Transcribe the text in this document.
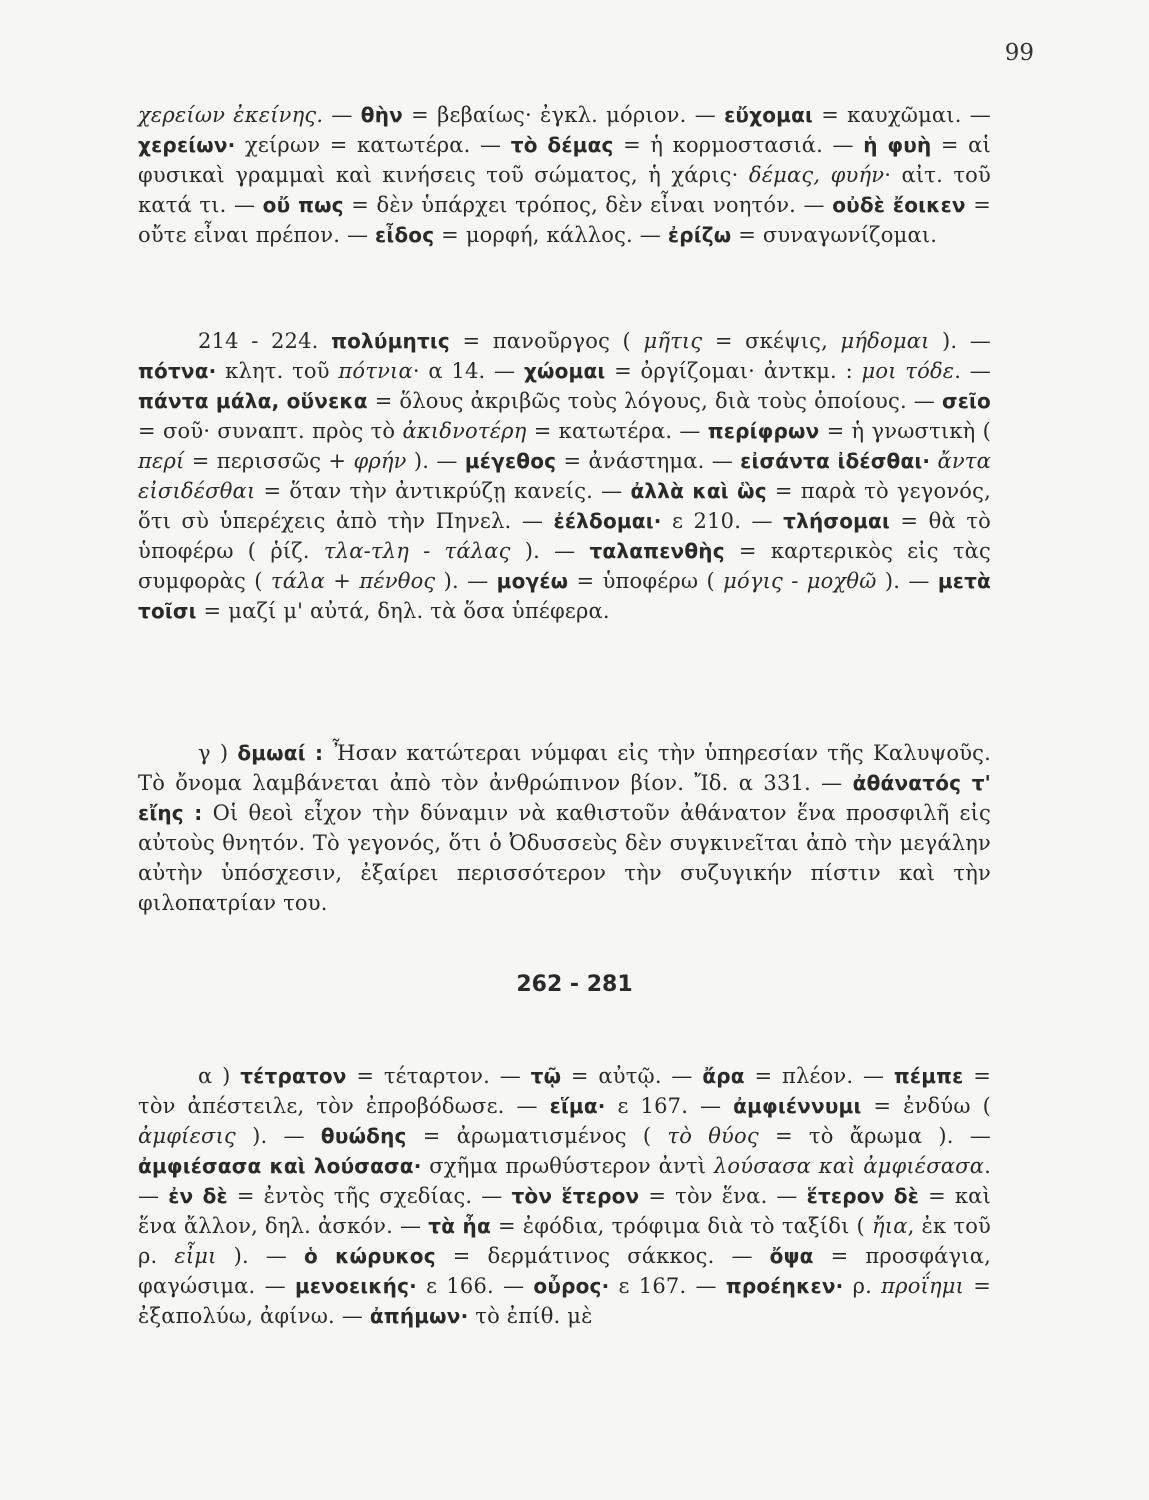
99

χερείων ἐκείνης. — θὴν = βεβαίως· ἐγκλ. μόριον. — εὔχομαι = καυχῶμαι. — χερείων· χείρων = κατωτέρα. — τὸ δέμας = ἡ κορμοστασιά. — ἡ φυὴ = αἱ φυσικαὶ γραμμαὶ καὶ κινήσεις τοῦ σώματος, ἡ χάρις· δέμας, φυήν· αἰτ. τοῦ κατά τι. — οὔ πως = δὲν ὑπάρχει τρόπος, δὲν εἶναι νοητόν. — οὐδὲ ἔοικεν = οὔτε εἶναι πρέπον. — εἶδος = μορφή, κάλλος. — ἐρίζω = συναγωνίζομαι.

214 - 224. πολύμητις = πανοῦργος ( μῆτις = σκέψις, μήδομαι ). — πότνα· κλητ. τοῦ πότνια· α 14. — χώομαι = ὀργίζομαι· ἀντκμ. : μοι τόδε. — πάντα μάλα, οὕνεκα = ὅλους ἀκριβῶς τοὺς λόγους, διὰ τοὺς ὁποίους. — σεῖο = σοῦ· συναπτ. πρὸς τὸ ἀκιδνοτέρη = κατωτέρα. — περίφρων = ἡ γνωστικὴ ( περί = περισσῶς + φρήν ). — μέγεθος = ἀνάστημα. — εἰσάντα ἰδέσθαι· ἄντα εἰσιδέσθαι = ὅταν τὴν ἀντικρύζῃ κανείς. — ἀλλὰ καὶ ὣς = παρὰ τὸ γεγονός, ὅτι σὺ ὑπερέχεις ἀπὸ τὴν Πηνελ. — ἐέλδομαι· ε 210. — τλήσομαι = θὰ τὸ ὑποφέρω ( ῥίζ. τλα-τλη - τάλας ). — ταλαπενθὴς = καρτερικὸς εἰς τὰς συμφορὰς ( τάλα + πένθος ). — μογέω = ὑποφέρω ( μόγις - μοχθῶ ). — μετὰ τοῖσι = μαζί μ' αὐτά, δηλ. τὰ ὅσα ὑπέφερα.

γ ) δμωαί : Ἦσαν κατώτεραι νύμφαι εἰς τὴν ὑπηρεσίαν τῆς Καλυψοῦς. Τὸ ὄνομα λαμβάνεται ἀπὸ τὸν ἀνθρώπινον βίον. Ἴδ. α 331. — ἀθάνατός τ' εἴης : Οἱ θεοὶ εἶχον τὴν δύναμιν νὰ καθιστοῦν ἀθάνατον ἕνα προσφιλῆ εἰς αὐτοὺς θνητόν. Τὸ γεγονός, ὅτι ὁ Ὀδυσσεὺς δὲν συγκινεῖται ἀπὸ τὴν μεγάλην αὐτὴν ὑπόσχεσιν, ἐξαίρει περισσότερον τὴν συζυγικήν πίστιν καὶ τὴν φιλοπατρίαν του.

262 - 281

α ) τέτρατον = τέταρτον. — τῷ = αὐτῷ. — ἄρα = πλέον. — πέμπε = τὸν ἀπέστειλε, τὸν ἐπροβόδωσε. — εἵμα· ε 167. — ἀμφιέννυμι = ἐνδύω ( ἀμφίεσις ). — θυώδης = ἀρωματισμένος ( τὸ θύος = τὸ ἄρωμα ). — ἀμφιέσασα καὶ λούσασα· σχῆμα πρωθύστερον ἀντὶ λούσασα καὶ ἀμφιέσασα. — ἐν δὲ = ἐντὸς τῆς σχεδίας. — τὸν ἕτερον = τὸν ἕνα. — ἕτερον δὲ = καὶ ἕνα ἄλλον, δηλ. ἀσκόν. — τὰ ἦα = ἐφόδια, τρόφιμα διὰ τὸ ταξίδι ( ἤια, ἐκ τοῦ ρ. εἶμι ). — ὁ κώρυκος = δερμάτινος σάκκος. — ὄψα = προσφάγια, φαγώσιμα. — μενοεικής· ε 166. — οὖρος· ε 167. — προέηκεν· ρ. προΐημι = ἐξαπολύω, ἀφίνω. — ἀπήμων· τὸ ἐπίθ. μὲ
